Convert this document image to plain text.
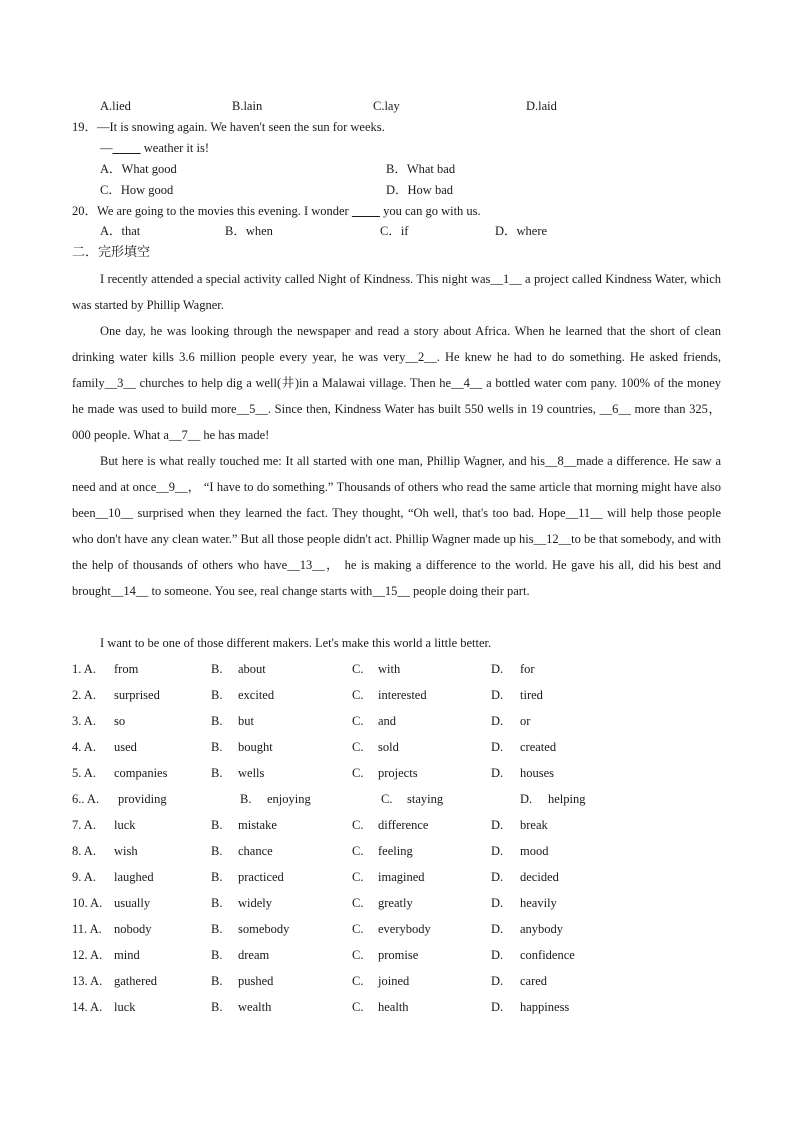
A.lied	B.lain	C.lay	D.laid
19．—It is snowing again. We haven't seen the sun for weeks.
—          weather it is!
A．What good	B．What bad
C．How good	D．How bad
20．We are going to the movies this evening. I wonder           you can go with us.
A．that	B．when	C．if	D．where
二．完形填空
I recently attended a special activity called Night of Kindness. This night was__1__ a project called Kindness Water, which was started by Phillip Wagner.
One day, he was looking through the newspaper and read a story about Africa. When he learned that the short of clean drinking water kills 3.6 million people every year, he was very__2__. He knew he had to do something. He asked friends, family__3__ churches to help dig a well(井)in a Malawai village. Then he__4__ a bottled water com pany. 100% of the money he made was used to build more__5__. Since then, Kindness Water has built 550 wells in 19 countries, __6__ more than 325，000 people. What a__7__ he has made!
But here is what really touched me: It all started with one man, Phillip Wagner, and his__8__made a difference. He saw a need and at once__9__， “I have to do something.” Thousands of others who read the same article that morning might have also been__10__ surprised when they learned the fact. They thought, “Oh well, that's too bad. Hope__11__ will help those people who don't have any clean water.” But all those people didn't act. Phillip Wagner made up his__12__to be that somebody, and with the help of thousands of others who have__13__， he is making a difference to the world. He gave his all, did his best and brought__14__ to someone. You see, real change starts with__15__ people doing their part.
I want to be one of those different makers. Let's make this world a little better.
1. A. from	B. about	C. with	D. for
2. A. surprised	B. excited	C. interested	D. tired
3. A. so	B. but	C. and	D. or
4. A. used	B. bought	C. sold	D. created
5. A. companies	B. wells	C. projects	D. houses
6.. A. providing	B. enjoying	C. staying	D. helping
7. A. luck	B. mistake	C. difference	D. break
8. A. wish	B. chance	C. feeling	D. mood
9. A. laughed	B. practiced	C. imagined	D. decided
10. A. usually	B. widely	C. greatly	D. heavily
11. A. nobody	B. somebody	C. everybody	D. anybody
12. A. mind	B. dream	C. promise	D. confidence
13. A. gathered	B. pushed	C. joined	D. cared
14. A. luck	B. wealth	C. health	D. happiness
